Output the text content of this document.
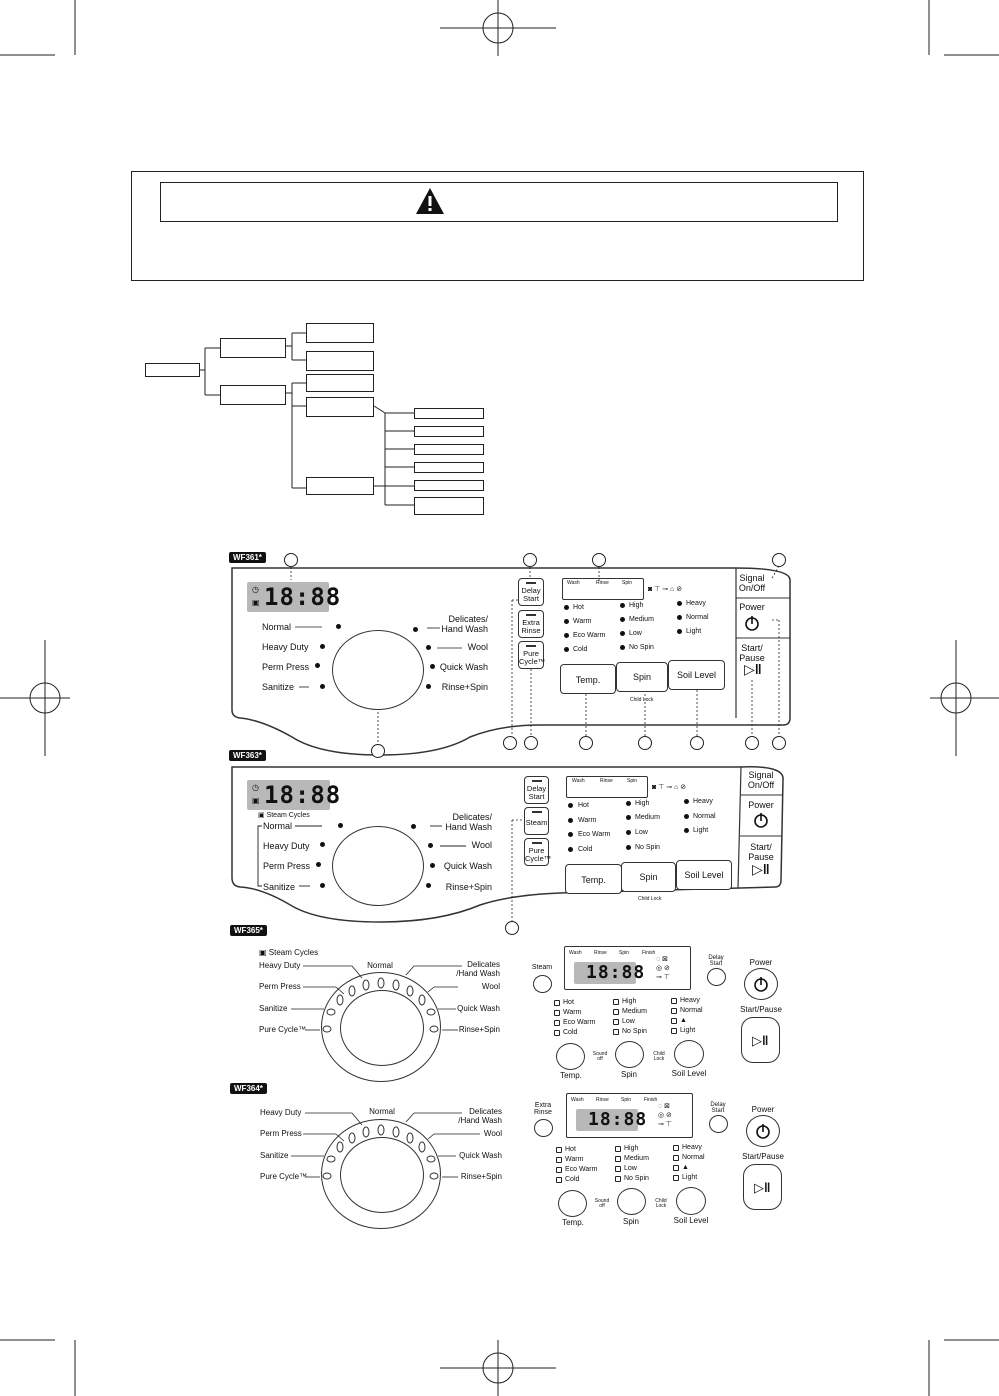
WF361*
◷
▣ 18:88
Normal
Heavy Duty
Perm Press
Sanitize
Delicates/
Hand Wash
Wool
Quick Wash
Rinse+Spin
Delay
Start
Extra
Rinse
Pure
Cycle™
Wash	Rinse	Spin
◙ ⊤ ⊸ ⌂ ⊘
Hot
Warm
Eco Warm
Cold
High
Medium
Low
No Spin
Heavy
Normal
Light
Temp.	Spin	Soil Level
Child Lock
Signal
On/Off
Power
Start/
Pause
▷‖
WF363*
◷
▣ 18:88
▣ Steam Cycles
Normal
Heavy Duty
Perm Press
Sanitize
Delicates/
Hand Wash
Wool
Quick Wash
Rinse+Spin
Delay
Start
Steam
Pure
Cycle™
Wash	Rinse	Spin
◙ ⊤ ⊸ ⌂ ⊘
Hot
Warm
Eco Warm
Cold
High
Medium
Low
No Spin
Heavy
Normal
Light
Temp.	Spin	Soil Level
Child Lock
Signal
On/Off
Power
Start/
Pause
▷‖
WF365*
▣ Steam Cycles
Normal
Heavy Duty
Perm Press
Sanitize
Pure Cycle™
Delicates
/Hand Wash
Wool
Quick Wash
Rinse+Spin
Steam
Wash Rinse Spin	Finish
18:88
◌ ⊠
◎ ⊘
⊸ ⊤
Delay
Start
Hot
Warm
Eco Warm
Cold
High
Medium
Low
No Spin
Heavy
Normal
▲
Light
Temp.	Spin	Soil Level
Sound
off
Child
Lock
Power
Start/Pause
▷‖
WF364*
Normal
Heavy Duty
Perm Press
Sanitize
Pure Cycle™
Delicates
/Hand Wash
Wool
Quick Wash
Rinse+Spin
Extra
Rinse
Wash Rinse Spin	Finish
18:88
◌ ⊠
◎ ⊘
⊸ ⊤
Delay
Start
Hot
Warm
Eco Warm
Cold
High
Medium
Low
No Spin
Heavy
Normal
▲
Light
Temp.	Spin	Soil Level
Sound
off
Child
Lock
Power
Start/Pause
▷‖
